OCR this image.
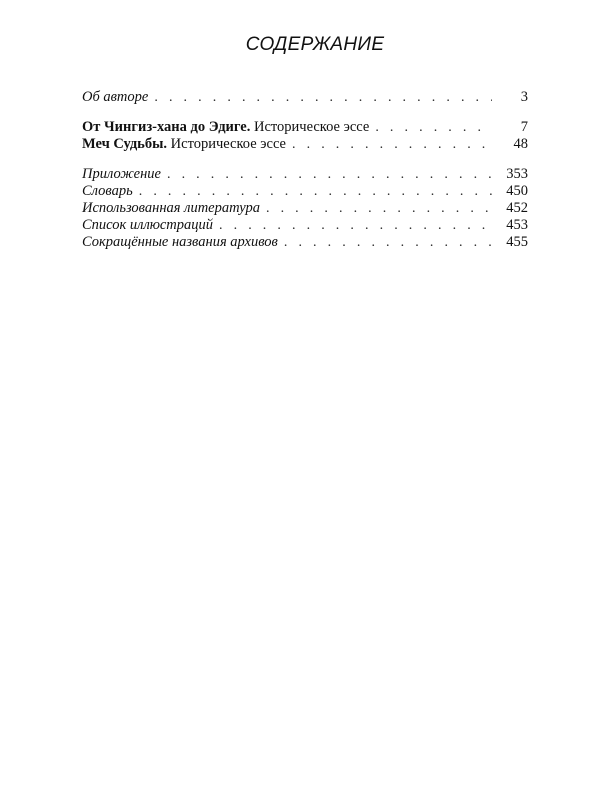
СОДЕРЖАНИЕ
Об авторе . . .	3
От Чингиз-хана до Эдиге. Историческое эссе . . .	7
Меч Судьбы. Историческое эссе . . .	48
Приложение . . .	353
Словарь . . .	450
Использованная литература . . .	452
Список иллюстраций . . .	453
Сокращённые названия архивов . . .	455
